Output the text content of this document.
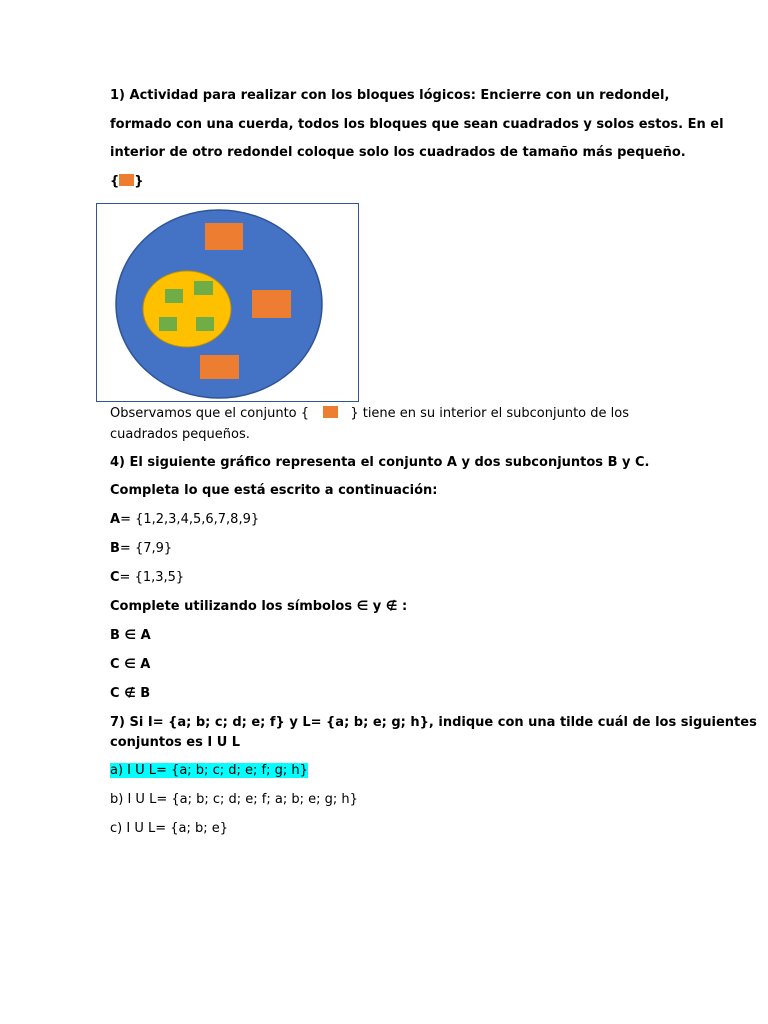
1) Actividad para realizar con los bloques lógicos: Encierre con un redondel,
formado con una cuerda, todos los bloques que sean cuadrados y solos estos. En el
interior de otro redondel coloque solo los cuadrados de tamaño más pequeño.
{ }
Observamos que el conjunto {	} tiene en su interior el subconjunto de los
cuadrados pequeños.
4) El siguiente gráfico representa el conjunto A y dos subconjuntos B y C.
Completa lo que está escrito a continuación:
A= {1,2,3,4,5,6,7,8,9}
B= {7,9}
C= {1,3,5}
Complete utilizando los símbolos ∈ y ∉ :
B ∈ A
C ∈ A
C ∉ B
7) Si I= {a; b; c; d; e; f} y L= {a; b; e; g; h}, indique con una tilde cuál de los siguientes
conjuntos es I U L
a) I U L= {a; b; c; d; e; f; g; h}
b) I U L= {a; b; c; d; e; f; a; b; e; g; h}
c) I U L= {a; b; e}
